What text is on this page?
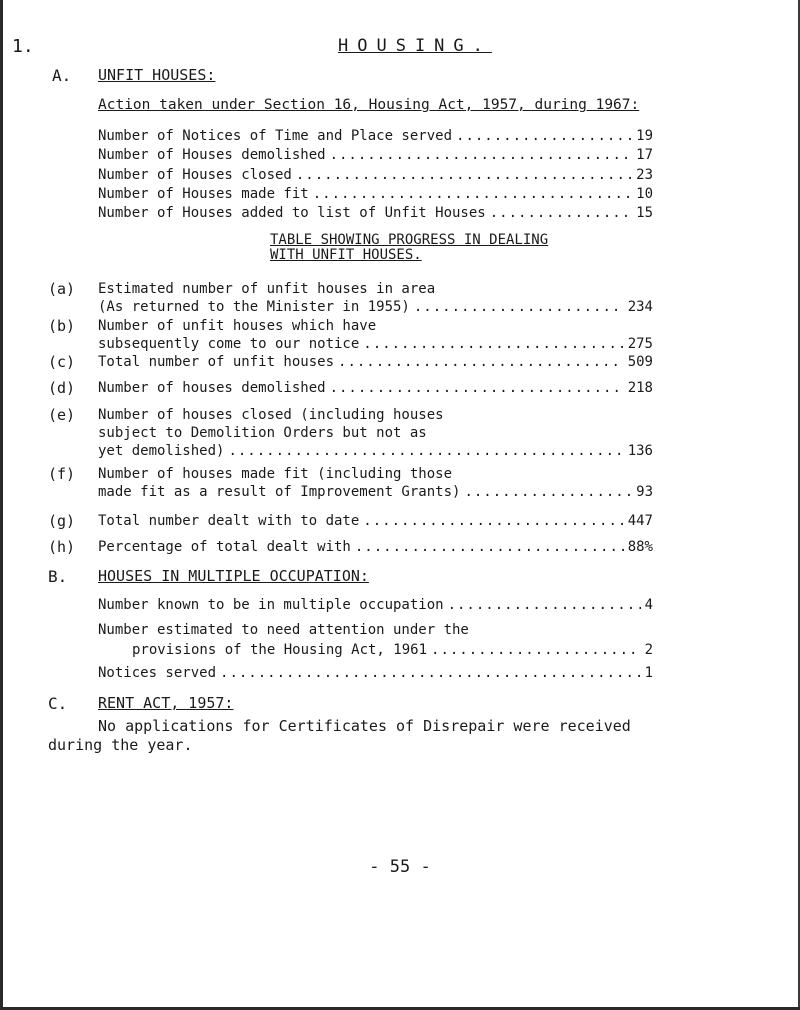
1.	HOUSING.
A. UNFIT HOUSES:
Action taken under Section 16, Housing Act, 1957, during 1967:
Number of Notices of Time and Place served .....	19
Number of Houses demolished .....	17
Number of Houses closed .....	23
Number of Houses made fit .....	10
Number of Houses added to list of Unfit Houses .....	15
TABLE SHOWING PROGRESS IN DEALING
WITH UNFIT HOUSES.
(a) Estimated number of unfit houses in area
(As returned to the Minister in 1955) .....	234
(b) Number of unfit houses which have
subsequently come to our notice .....	275
(c) Total number of unfit houses .....	509
(d) Number of houses demolished .....	218
(e) Number of houses closed (including houses
subject to Demolition Orders but not as
yet demolished) .....	136
(f) Number of houses made fit (including those
made fit as a result of Improvement Grants) .....	93
(g) Total number dealt with to date .....	447
(h) Percentage of total dealt with .....	88%
B. HOUSES IN MULTIPLE OCCUPATION:
Number known to be in multiple occupation .....	4
Number estimated to need attention under the
provisions of the Housing Act, 1961 .....	2
Notices served .....	1
C. RENT ACT, 1957:
No applications for Certificates of Disrepair were received
during the year.
- 55 -
